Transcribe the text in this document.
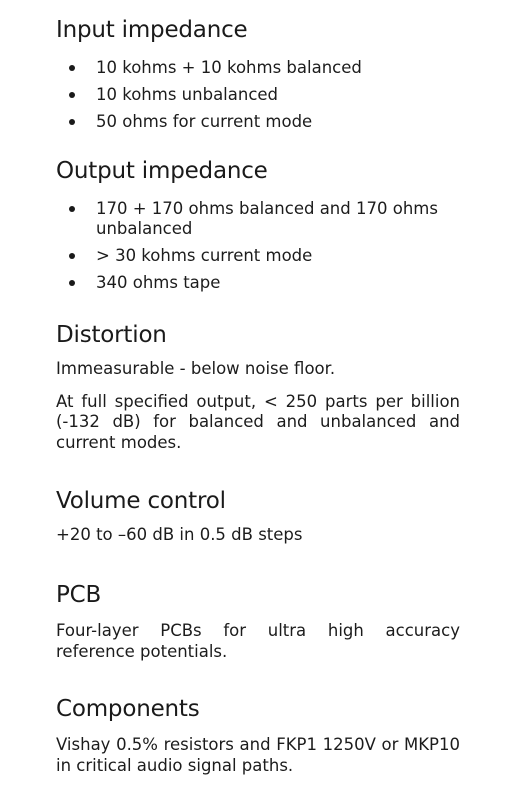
Input impedance
10 kohms + 10 kohms balanced
10 kohms unbalanced
50 ohms for current mode
Output impedance
170 + 170 ohms balanced and 170 ohms unbalanced
> 30 kohms current mode
340 ohms tape
Distortion

Immeasurable - below noise floor.

At full specified output, < 250 parts per billion (-132 dB) for balanced and unbalanced and current modes.

Volume control

+20 to –60 dB in 0.5 dB steps

PCB

Four-layer PCBs for ultra high accuracy reference potentials.

Components

Vishay 0.5% resistors and FKP1 1250V or MKP10 in critical audio signal paths.
